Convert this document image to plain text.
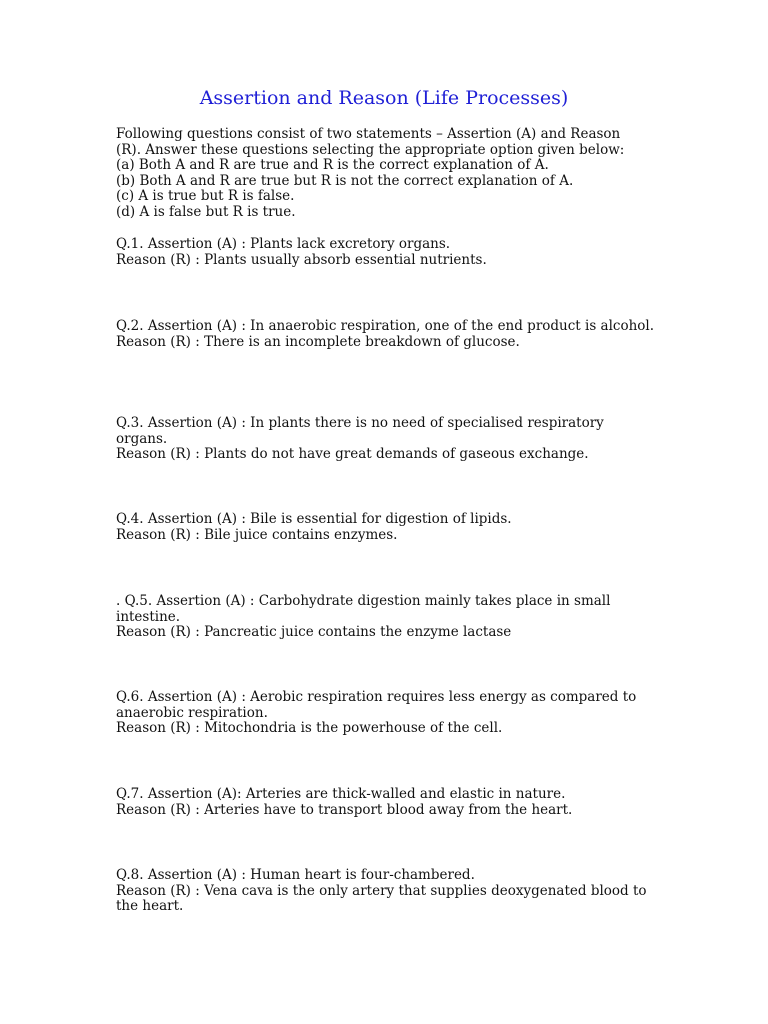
Assertion and Reason (Life Processes)
Following questions consist of two statements – Assertion (A) and Reason
(R). Answer these questions selecting the appropriate option given below:
(a) Both A and R are true and R is the correct explanation of A.
(b) Both A and R are true but R is not the correct explanation of A.
(c) A is true but R is false.
(d) A is false but R is true.
Q.1. Assertion (A) : Plants lack excretory organs.
Reason (R) : Plants usually absorb essential nutrients.
Q.2. Assertion (A) : In anaerobic respiration, one of the end product is alcohol.
Reason (R) : There is an incomplete breakdown of glucose.
Q.3. Assertion (A) : In plants there is no need of specialised respiratory organs.
Reason (R) : Plants do not have great demands of gaseous exchange.
Q.4. Assertion (A) : Bile is essential for digestion of lipids.
Reason (R) : Bile juice contains enzymes.
. Q.5. Assertion (A) : Carbohydrate digestion mainly takes place in small intestine.
Reason (R) : Pancreatic juice contains the enzyme lactase
Q.6. Assertion (A) : Aerobic respiration requires less energy as compared to anaerobic respiration.
Reason (R) : Mitochondria is the powerhouse of the cell.
Q.7. Assertion (A): Arteries are thick-walled and elastic in nature.
Reason (R) : Arteries have to transport blood away from the heart.
Q.8. Assertion (A) : Human heart is four-chambered.
Reason (R) : Vena cava is the only artery that supplies deoxygenated blood to the heart.
